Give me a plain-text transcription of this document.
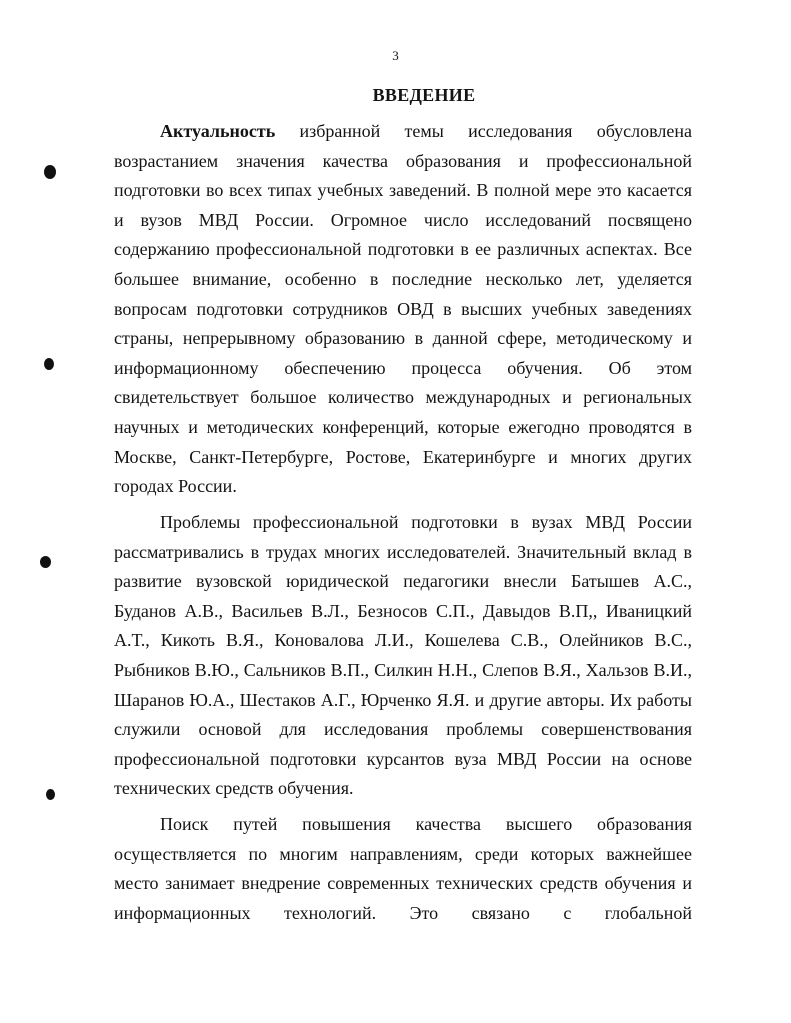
3
ВВЕДЕНИЕ

Актуальность избранной темы исследования обусловлена возрастанием значения качества образования и профессиональной подготовки во всех типах учебных заведений. В полной мере это касается и вузов МВД России. Огромное число исследований посвящено содержанию профессиональной подготовки в ее различных аспектах. Все большее внимание, особенно в последние несколько лет, уделяется вопросам подготовки сотрудников ОВД в высших учебных заведениях страны, непрерывному образованию в данной сфере, методическому и информационному обеспечению процесса обучения. Об этом свидетельствует большое количество международных и региональных научных и методических конференций, которые ежегодно проводятся в Москве, Санкт-Петербурге, Ростове, Екатеринбурге и многих других городах России.

Проблемы профессиональной подготовки в вузах МВД России рассматривались в трудах многих исследователей. Значительный вклад в развитие вузовской юридической педагогики внесли Батышев А.С., Буданов А.В., Васильев В.Л., Безносов С.П., Давыдов В.П,, Иваницкий А.Т., Кикоть В.Я., Коновалова Л.И., Кошелева С.В., Олейников В.С., Рыбников В.Ю., Сальников В.П., Силкин Н.Н., Слепов В.Я., Хальзов В.И., Шаранов Ю.А., Шестаков А.Г., Юрченко Я.Я. и другие авторы. Их работы служили основой для исследования проблемы совершенствования профессиональной подготовки курсантов вуза МВД России на основе технических средств обучения.

Поиск путей повышения качества высшего образования осуществляется по многим направлениям, среди которых важнейшее место занимает внедрение современных технических средств обучения и информационных технологий. Это связано с глобальной
